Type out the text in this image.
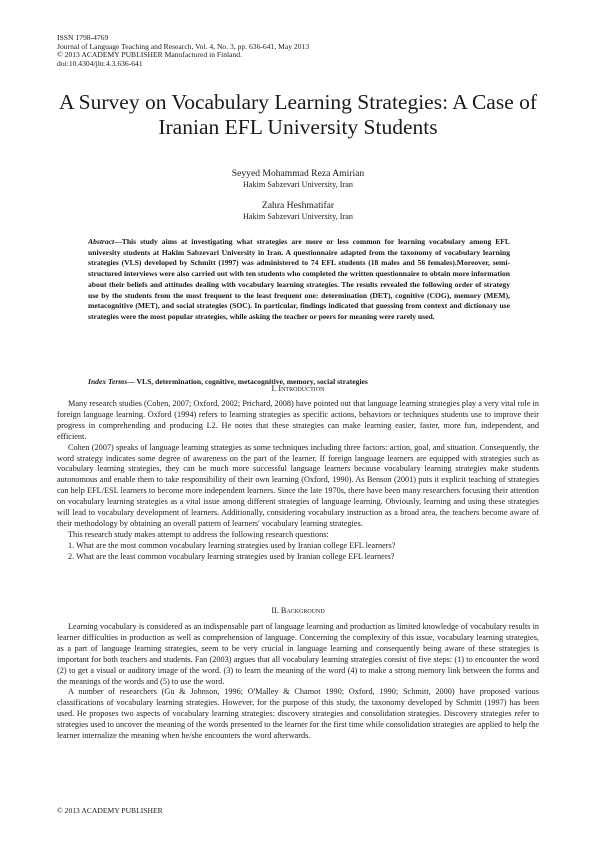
ISSN 1798-4769
Journal of Language Teaching and Research, Vol. 4, No. 3, pp. 636-641, May 2013
© 2013 ACADEMY PUBLISHER Manufactured in Finland.
doi:10.4304/jltr.4.3.636-641
A Survey on Vocabulary Learning Strategies: A Case of Iranian EFL University Students
Seyyed Mohammad Reza Amirian
Hakim Sabzevari University, Iran
Zahra Heshmatifar
Hakim Sabzevari University, Iran
Abstract—This study aims at investigating what strategies are more or less common for learning vocabulary among EFL university students at Hakim Sabzevari University in Iran. A questionnaire adapted from the taxonomy of vocabulary learning strategies (VLS) developed by Schmitt (1997) was administered to 74 EFL students (18 males and 56 females).Moreover, semi-structured interviews were also carried out with ten students who completed the written questionnaire to obtain more information about their beliefs and attitudes dealing with vocabulary learning strategies. The results revealed the following order of strategy use by the students from the most frequent to the least frequent one: determination (DET), cognitive (COG), memory (MEM), metacognitive (MET), and social strategies (SOC). In particular, findings indicated that guessing from context and dictionary use strategies were the most popular strategies, while asking the teacher or peers for meaning were rarely used.
Index Terms— VLS, determination, cognitive, metacognitive, memory, social strategies
I. Introduction

Many research studies (Cohen, 2007; Oxford, 2002; Prichard, 2008) have pointed out that language learning strategies play a very vital role in foreign language learning. Oxford (1994) refers to learning strategies as specific actions, behaviors or techniques students use to improve their progress in comprehending and producing L2. He notes that these strategies can make learning easier, faster, more fun, independent, and efficient.

Cohen (2007) speaks of language learning strategies as some techniques including three factors: action, goal, and situation. Consequently, the word strategy indicates some degree of awareness on the part of the learner. If foreign language learners are equipped with strategies such as vocabulary learning strategies, they can be much more successful language learners because vocabulary learning strategies make students autonomous and enable them to take responsibility of their own learning (Oxford, 1990). As Benson (2001) puts it explicit teaching of strategies can help EFL/ESL learners to become more independent learners. Since the late 1970s, there have been many researchers focusing their attention on vocabulary learning strategies as a vital issue among different strategies of language learning. Obviously, learning and using these strategies will lead to vocabulary development of learners. Additionally, considering vocabulary instruction as a broad area, the teachers become aware of their methodology by obtaining an overall pattern of learners' vocabulary learning strategies.

This research study makes attempt to address the following research questions:

1. What are the most common vocabulary learning strategies used by Iranian college EFL learners?

2. What are the least common vocabulary learning strategies used by Iranian college EFL learners?

II. Background

Learning vocabulary is considered as an indispensable part of language learning and production as limited knowledge of vocabulary results in learner difficulties in production as well as comprehension of language. Concerning the complexity of this issue, vocabulary learning strategies, as a part of language learning strategies, seem to be very crucial in language learning and consequently being aware of these strategies is important for both teachers and students. Fan (2003) argues that all vocabulary learning strategies consist of five steps: (1) to encounter the word (2) to get a visual or auditory image of the word. (3) to learn the meaning of the word (4) to make a strong memory link between the forms and the meanings of the words and (5) to use the word.

A number of researchers (Gu & Johnson, 1996; O'Malley & Chamot 1990; Oxford, 1990; Schmitt, 2000) have proposed various classifications of vocabulary learning strategies. However, for the purpose of this study, the taxonomy developed by Schmitt (1997) has been used. He proposes two aspects of vocabulary learning strategies: discovery strategies and consolidation strategies. Discovery strategies refer to strategies used to uncover the meaning of the words presented to the learner for the first time while consolidation strategies are applied to help the learner internalize the meaning when he/she encounters the word afterwards.

© 2013 ACADEMY PUBLISHER
